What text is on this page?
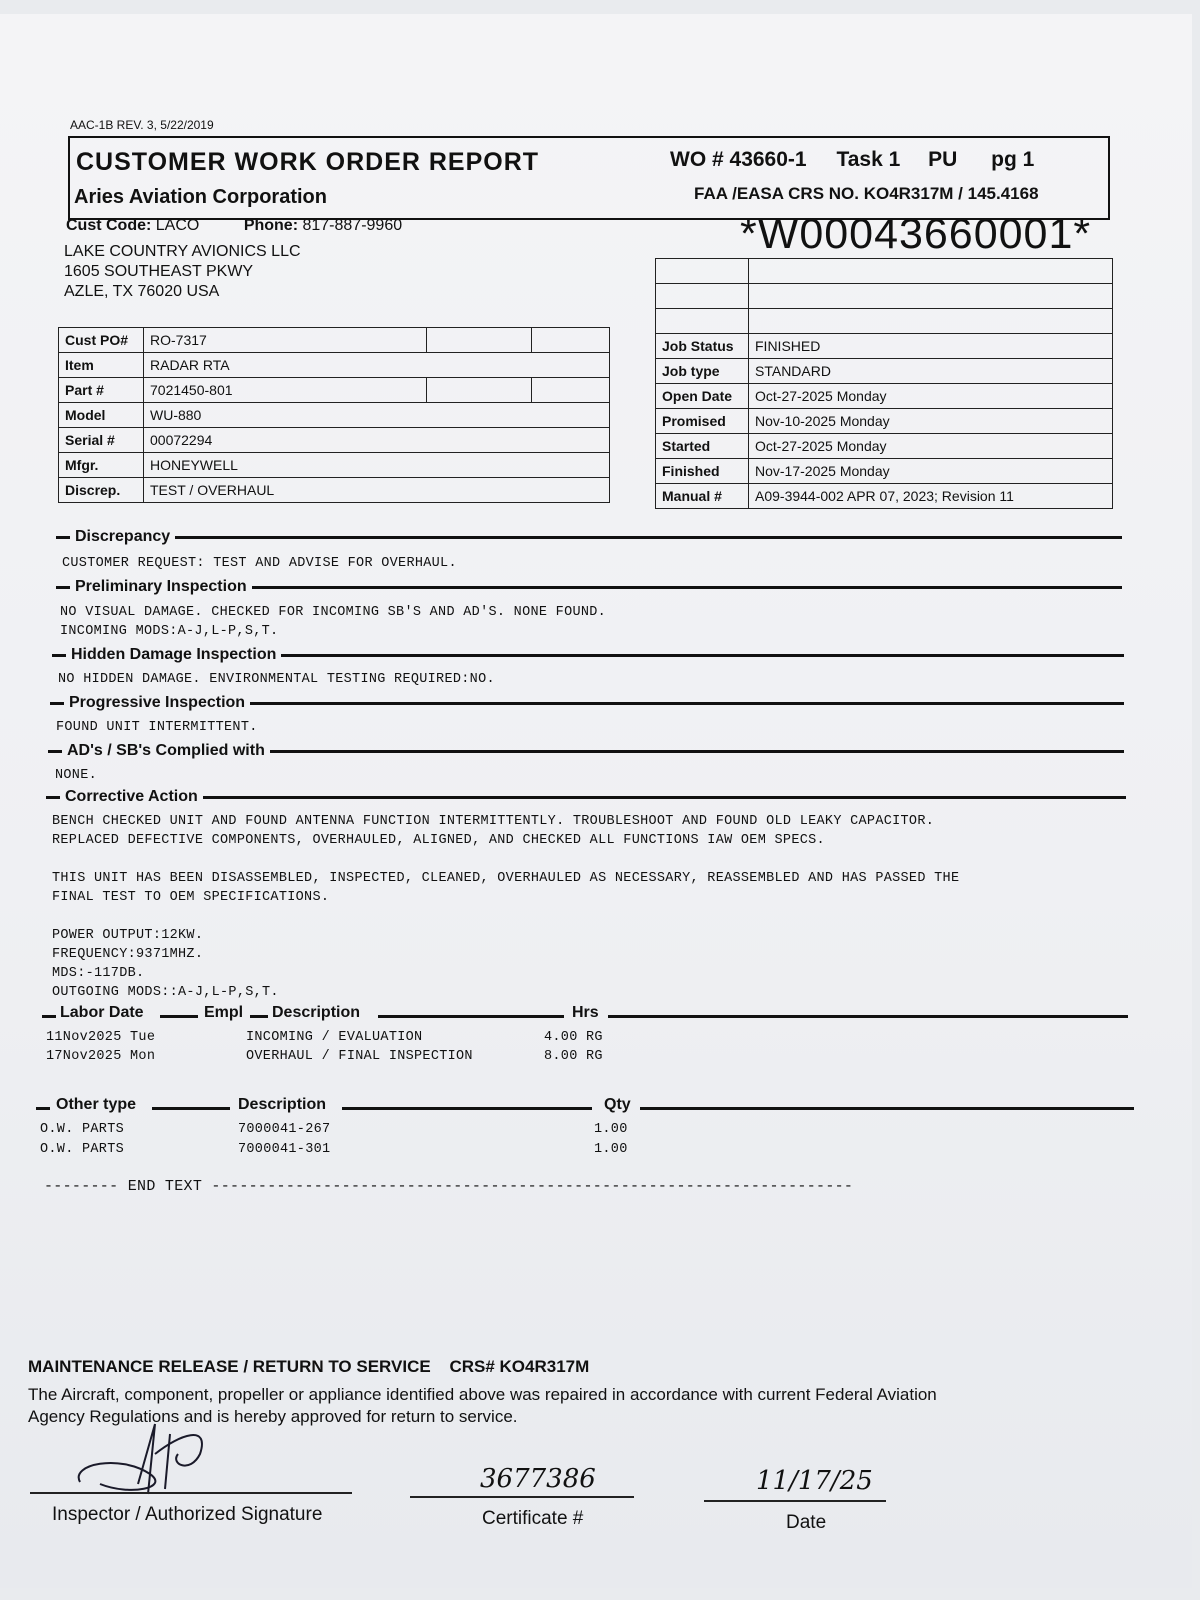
AAC-1B REV. 3, 5/22/2019
CUSTOMER WORK ORDER REPORT
Aries Aviation Corporation
WO # 43660-1 Task 1 PU pg 1
FAA /EASA CRS NO. KO4R317M / 145.4168
Cust Code: LACO	Phone: 817-887-9960
LAKE COUNTRY AVIONICS LLC
1605 SOUTHEAST PKWY
AZLE, TX 76020 USA
*W00043660001*
Cust PO#	RO-7317		
Item	RADAR RTA		
Part #	7021450-801		
Model	WU-880		
Serial #	00072294		
Mfgr.	HONEYWELL		
Discrep.	TEST / OVERHAUL		

Job Status	FINISHED
Job type	STANDARD
Open Date	Oct-27-2025 Monday
Promised	Nov-10-2025 Monday
Started	Oct-27-2025 Monday
Finished	Nov-17-2025 Monday
Manual #	A09-3944-002 APR 07, 2023; Revision 11
Discrepancy
CUSTOMER REQUEST: TEST AND ADVISE FOR OVERHAUL.
Preliminary Inspection
NO VISUAL DAMAGE. CHECKED FOR INCOMING SB'S AND AD'S. NONE FOUND.
INCOMING MODS:A-J,L-P,S,T.
Hidden Damage Inspection
NO HIDDEN DAMAGE. ENVIRONMENTAL TESTING REQUIRED:NO.
Progressive Inspection
FOUND UNIT INTERMITTENT.
AD's / SB's Complied with
NONE.
Corrective Action
BENCH CHECKED UNIT AND FOUND ANTENNA FUNCTION INTERMITTENTLY. TROUBLESHOOT AND FOUND OLD LEAKY CAPACITOR.
REPLACED DEFECTIVE COMPONENTS, OVERHAULED, ALIGNED, AND CHECKED ALL FUNCTIONS IAW OEM SPECS.
THIS UNIT HAS BEEN DISASSEMBLED, INSPECTED, CLEANED, OVERHAULED AS NECESSARY, REASSEMBLED AND HAS PASSED THE
FINAL TEST TO OEM SPECIFICATIONS.
POWER OUTPUT:12KW.
FREQUENCY:9371MHZ.
MDS:-117DB.
OUTGOING MODS::A-J,L-P,S,T.
Labor Date	Empl Description	Hrs
11Nov2025 Tue	INCOMING / EVALUATION	4.00 RG
17Nov2025 Mon	OVERHAUL / FINAL INSPECTION	8.00 RG
Other type	Description	Qty
O.W. PARTS	7000041-267	1.00
O.W. PARTS	7000041-301	1.00
-------- END TEXT ---------------------------------------------------------------------
MAINTENANCE RELEASE / RETURN TO SERVICE CRS# KO4R317M
The Aircraft, component, propeller or appliance identified above was repaired in accordance with current Federal Aviation
Agency Regulations and is hereby approved for return to service.
Inspector / Authorized Signature
3677386
Certificate #
11/17/25
Date
